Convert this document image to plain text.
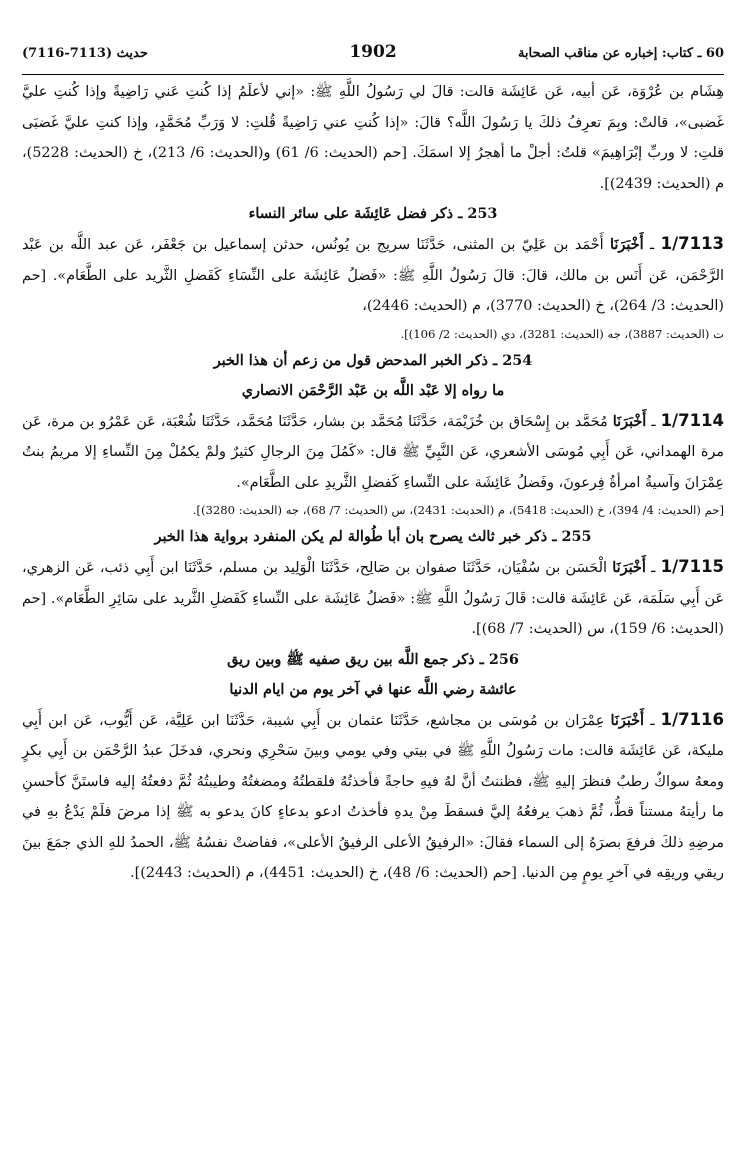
60 ـ كتاب: إخباره عن مناقب الصحابة
1902
حديث (7113-7116)

هِشَام بن عُرْوَة، عَن أبيه، عَن عَائِشَة قالت: قالَ لي رَسُولُ اللَّهِ ﷺ: «إني لأعلَمُ إذا كُنتِ عَني رَاضِيةً وإذا كُنتِ عليَّ غَضبى»، قالتْ: وبِمَ تعرِفُ ذلكَ يا رَسُولَ اللَّه؟ قالَ: «إذا كُنتِ عني رَاضِيةً قُلتِ: لا وَرَبِّ مُحَمَّدٍ، وإذا كنتِ عليَّ غَضبَى قلتِ: لا وربِّ إبْرَاهِيمَ» قلتُ: أجلْ ما أهجرُ إلا اسمَكَ. [حم (الحديث: 6/ 61) و(الحديث: 6/ 213)، خ (الحديث: 5228)، م (الحديث: 2439)].

253 ـ ذكر فضل عَائِشَة على سائر النساء

1/7113 ـ أَخْبَرَنَا أَحْمَد بن عَلِيّ بن المثنى، حَدَّثَنَا سريج بن يُونُس، حدثن إسماعيل بن جَعْفَر، عَن عبد اللَّه بن عَبْد الرَّحْمَن، عَن أَنَس بن مالك، قالَ: قالَ رَسُولُ اللَّهِ ﷺ: «فَضلُ عَائِشَة على النِّسَاءِ كَفَضلِ الثَّريد على الطَّعَام». [حم (الحديث: 3/ 264)، خ (الحديث: 3770)، م (الحديث: 2446)،

ت (الحديث: 3887)، جه (الحديث: 3281)، دي (الحديث: 2/ 106)].

254 ـ ذكر الخبر المدحض قول من زعم أن هذا الخبر
ما رواه إلا عَبْد اللَّه بن عَبْد الرَّحْمَن الانصاري

1/7114 ـ أَخْبَرَنَا مُحَمَّد بن إِسْحَاق بن خُزَيْمَة، حَدَّثَنَا مُحَمَّد بن بشار، حَدَّثَنَا مُحَمَّد، حَدَّثَنَا شُعْبَة، عَن عَمْرُو بن مرة، عَن مرة الهمداني، عَن أَبِي مُوسَى الأشعري، عَن النَّبِيِّ ﷺ قال: «كَمُلَ مِنَ الرجالِ كثيرٌ ولمْ يكمُلْ مِنَ النِّساءِ إلا مريمُ بنتُ عِمْرَانَ وآسيةُ امرأةُ فِرعونَ، وفَضلُ عَائِشَة على النِّساءِ كَفضلِ الثَّريدِ على الطَّعَام».

[حم (الحديث: 4/ 394)، خ (الحديث: 5418)، م (الحديث: 2431)، س (الحديث: 7/ 68)، جه (الحديث: 3280)].

255 ـ ذكر خبر ثالث يصرح بان أبا طُوالة لم يكن المنفرد برواية هذا الخبر

1/7115 ـ أَخْبَرَنَا الْحَسَن بن سُفْيَان، حَدَّثَنَا صفوان بن صَالِح، حَدَّثَنَا الْوَلِيد بن مسلم، حَدَّثَنَا ابن أَبِي ذئب، عَن الزهري، عَن أَبِي سَلَمَة، عَن عَائِشَة قالت: قَالَ رَسُولُ اللَّهِ ﷺ: «فَضلُ عَائِشَة على النِّساءِ كَفَضلِ الثَّريد على سَائِرِ الطَّعَام». [حم (الحديث: 6/ 159)، س (الحديث: 7/ 68)].

256 ـ ذكر جمع اللَّه بين ريق صفيه ﷺ وبين ريق
عائشة رضي اللَّه عنها في آخر يوم من ايام الدنيا

1/7116 ـ أَخْبَرَنَا عِمْرَان بن مُوسَى بن مجاشع، حَدَّثَنَا عثمان بن أَبِي شيبة، حَدَّثَنَا ابن عَلِيَّة، عَن أَيُّوب، عَن ابن أَبِي مليكة، عَن عَائِشَة قالت: مات رَسُولُ اللَّهِ ﷺ في بيتي وفي يومي وبينَ سَحْرِي ونحري، فدخَلَ عبدُ الرَّحْمَن بن أَبِي بكرٍ ومعهُ سواكٌ رطبٌ فنظرَ إليهِ ﷺ، فظننتُ أنَّ لهُ فيهِ حاجةً فأخذتُهُ فلقطتُهُ ومضغتُهُ وطيبتُهُ ثُمَّ دفعتُهُ إليه فاستَنَّ كأحسنِ ما رأيتهُ مستناً قطُّ، ثُمَّ ذهبَ يرفعُهُ إليَّ فسقطَ مِنْ يدهِ فأخذتُ ادعو بدعاءٍ كانَ يدعو به ﷺ إذا مرضَ فلَمْ يَدْعُ بهِ في مرضِهِ ذلكَ فرفعَ بصرَهُ إلى السماء فقالَ: «الرفيقُ الأعلى الرفيقُ الأعلى»، ففاضتْ نفسُهُ ﷺ، الحمدُ للهِ الذي جمَعَ بينَ ريقي وريقِه في آخرِ يومٍ مِن الدنيا. [حم (الحديث: 6/ 48)، خ (الحديث: 4451)، م (الحديث: 2443)].
